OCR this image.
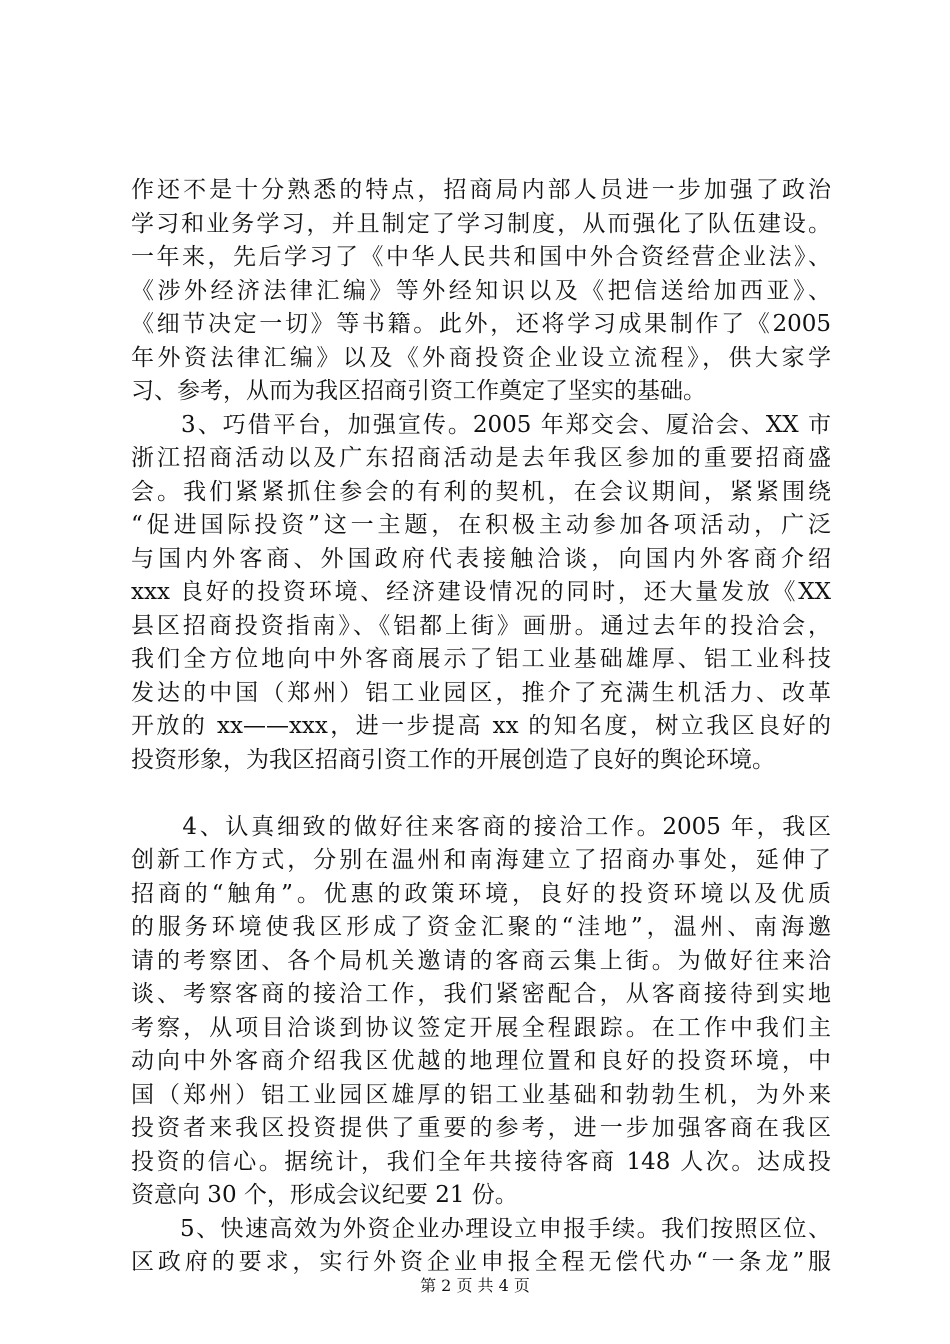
作还不是十分熟悉的特点，招商局内部人员进一步加强了政治
学习和业务学习，并且制定了学习制度，从而强化了队伍建设。
一年来，先后学习了《中华人民共和国中外合资经营企业法》、
《涉外经济法律汇编》等外经知识以及《把信送给加西亚》、
《细节决定一切》等书籍。此外，还将学习成果制作了《2005
年外资法律汇编》以及《外商投资企业设立流程》，供大家学
习、参考，从而为我区招商引资工作奠定了坚实的基础。
　　3、巧借平台，加强宣传。2005 年郑交会、厦洽会、XX 市
浙江招商活动以及广东招商活动是去年我区参加的重要招商盛
会。我们紧紧抓住参会的有利的契机，在会议期间，紧紧围绕
“促进国际投资”这一主题，在积极主动参加各项活动，广泛
与国内外客商、外国政府代表接触洽谈，向国内外客商介绍
xxx 良好的投资环境、经济建设情况的同时，还大量发放《XX
县区招商投资指南》、《铝都上街》画册。通过去年的投洽会，
我们全方位地向中外客商展示了铝工业基础雄厚、铝工业科技
发达的中国（郑州）铝工业园区，推介了充满生机活力、改革
开放的 xx——xxx，进一步提高 xx 的知名度，树立我区良好的
投资形象，为我区招商引资工作的开展创造了良好的舆论环境。
　　4、认真细致的做好往来客商的接洽工作。2005 年，我区
创新工作方式，分别在温州和南海建立了招商办事处，延伸了
招商的“触角”。优惠的政策环境，良好的投资环境以及优质
的服务环境使我区形成了资金汇聚的“洼地”，温州、南海邀
请的考察团、各个局机关邀请的客商云集上街。为做好往来洽
谈、考察客商的接洽工作，我们紧密配合，从客商接待到实地
考察，从项目洽谈到协议签定开展全程跟踪。在工作中我们主
动向中外客商介绍我区优越的地理位置和良好的投资环境，中
国（郑州）铝工业园区雄厚的铝工业基础和勃勃生机，为外来
投资者来我区投资提供了重要的参考，进一步加强客商在我区
投资的信心。据统计，我们全年共接待客商 148 人次。达成投
资意向 30 个，形成会议纪要 21 份。
　　5、快速高效为外资企业办理设立申报手续。我们按照区位、
区政府的要求，实行外资企业申报全程无偿代办“一条龙”服
第 2 页 共 4 页
